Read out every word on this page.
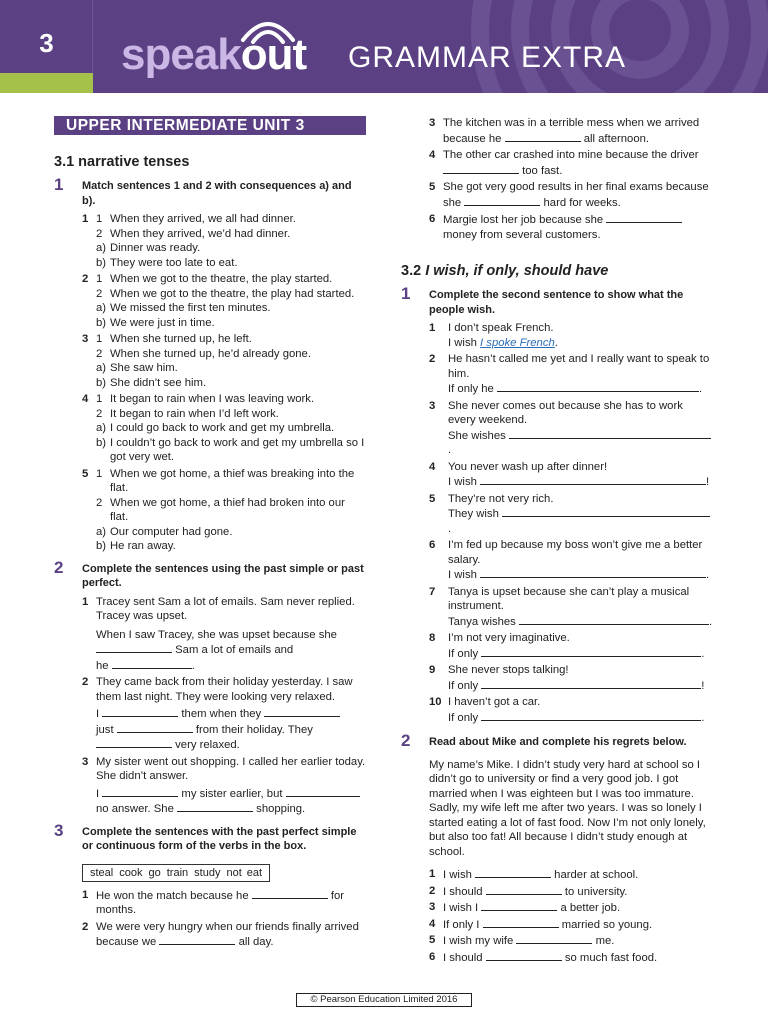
3	speakout GRAMMAR EXTRA
UPPER INTERMEDIATE UNIT 3
3.1 narrative tenses
1 Match sentences 1 and 2 with consequences a) and b).
1 1 When they arrived, we all had dinner.
2 When they arrived, we’d had dinner.
a) Dinner was ready.
b) They were too late to eat.
2 1 When we got to the theatre, the play started.
2 When we got to the theatre, the play had started.
a) We missed the first ten minutes.
b) We were just in time.
3 1 When she turned up, he left.
2 When she turned up, he’d already gone.
a) She saw him.
b) She didn’t see him.
4 1 It began to rain when I was leaving work.
2 It began to rain when I’d left work.
a) I could go back to work and get my umbrella.
b) I couldn’t go back to work and get my umbrella so I got very wet.
5 1 When we got home, a thief was breaking into the flat.
2 When we got home, a thief had broken into our flat.
a) Our computer had gone.
b) He ran away.
2 Complete the sentences using the past simple or past perfect.
1 Tracey sent Sam a lot of emails. Sam never replied. Tracey was upset.
When I saw Tracey, she was upset because she
Sam a lot of emails and
he	.
2 They came back from their holiday yesterday. I saw them last night. They were looking very relaxed.
I	them when they
just	from their holiday. They
very relaxed.
3 My sister went out shopping. I called her earlier today. She didn’t answer.
I	my sister earlier, but
no answer. She	shopping.
3 Complete the sentences with the past perfect simple or continuous form of the verbs in the box.
steal cook go train study not eat
1 He won the match because he	for months.
2 We were very hungry when our friends finally arrived because we	all day.
3 The kitchen was in a terrible mess when we arrived because he	all afternoon.
4 The other car crashed into mine because the driver  too fast.
5 She got very good results in her final exams because she	hard for weeks.
6 Margie lost her job because she  money from several customers.
3.2 I wish, if only, should have
1 Complete the second sentence to show what the people wish.
1 I don’t speak French.
I wish I spoke French.
2 He hasn’t called me yet and I really want to speak to him.
If only he	.
3 She never comes out because she has to work every weekend.
She wishes .
4 You never wash up after dinner!
I wish	!
5 They’re not very rich.
They wish .
6 I’m fed up because my boss won’t give me a better salary.
I wish	.
7 Tanya is upset because she can’t play a musical instrument.
Tanya wishes	.
8 I’m not very imaginative.
If only	.
9 She never stops talking!
If only	!
10 I haven’t got a car.
If only	.
2 Read about Mike and complete his regrets below.
My name’s Mike. I didn’t study very hard at school so I didn’t go to university or find a very good job. I got married when I was eighteen but I was too immature. Sadly, my wife left me after two years. I was so lonely I started eating a lot of fast food. Now I’m not only lonely, but also too fat! All because I didn’t study enough at school.
1 I wish	harder at school.
2 I should	to university.
3 I wish I	a better job.
4 If only I	married so young.
5 I wish my wife	me.
6 I should	so much fast food.
© Pearson Education Limited 2016
